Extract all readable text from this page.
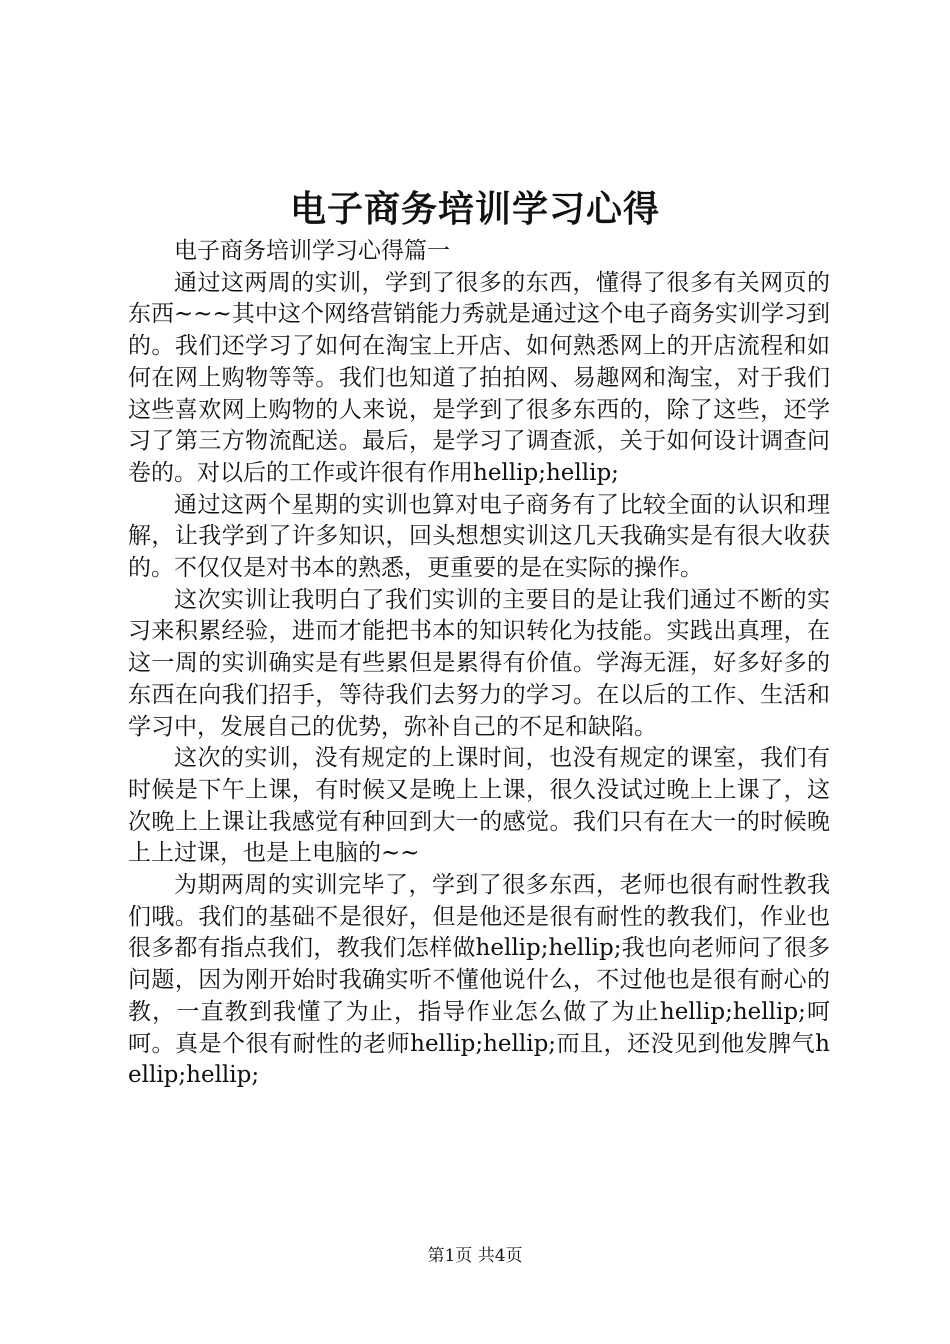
电子商务培训学习心得

电子商务培训学习心得篇一

通过这两周的实训，学到了很多的东西，懂得了很多有关网页的东西~~~其中这个网络营销能力秀就是通过这个电子商务实训学习到的。我们还学习了如何在淘宝上开店、如何熟悉网上的开店流程和如何在网上购物等等。我们也知道了拍拍网、易趣网和淘宝，对于我们这些喜欢网上购物的人来说，是学到了很多东西的，除了这些，还学习了第三方物流配送。最后，是学习了调查派，关于如何设计调查问卷的。对以后的工作或许很有作用hellip;hellip;

通过这两个星期的实训也算对电子商务有了比较全面的认识和理解，让我学到了许多知识，回头想想实训这几天我确实是有很大收获的。不仅仅是对书本的熟悉，更重要的是在实际的操作。

这次实训让我明白了我们实训的主要目的是让我们通过不断的实习来积累经验，进而才能把书本的知识转化为技能。实践出真理，在这一周的实训确实是有些累但是累得有价值。学海无涯，好多好多的东西在向我们招手，等待我们去努力的学习。在以后的工作、生活和学习中，发展自己的优势，弥补自己的不足和缺陷。

这次的实训，没有规定的上课时间，也没有规定的课室，我们有时候是下午上课，有时候又是晚上上课，很久没试过晚上上课了，这次晚上上课让我感觉有种回到大一的感觉。我们只有在大一的时候晚上上过课，也是上电脑的~~

为期两周的实训完毕了，学到了很多东西，老师也很有耐性教我们哦。我们的基础不是很好，但是他还是很有耐性的教我们，作业也很多都有指点我们，教我们怎样做hellip;hellip;我也向老师问了很多问题，因为刚开始时我确实听不懂他说什么，不过他也是很有耐心的教，一直教到我懂了为止，指导作业怎么做了为止hellip;hellip;呵呵。真是个很有耐性的老师hellip;hellip;而且，还没见到他发脾气hellip;hellip;

第1页 共4页
